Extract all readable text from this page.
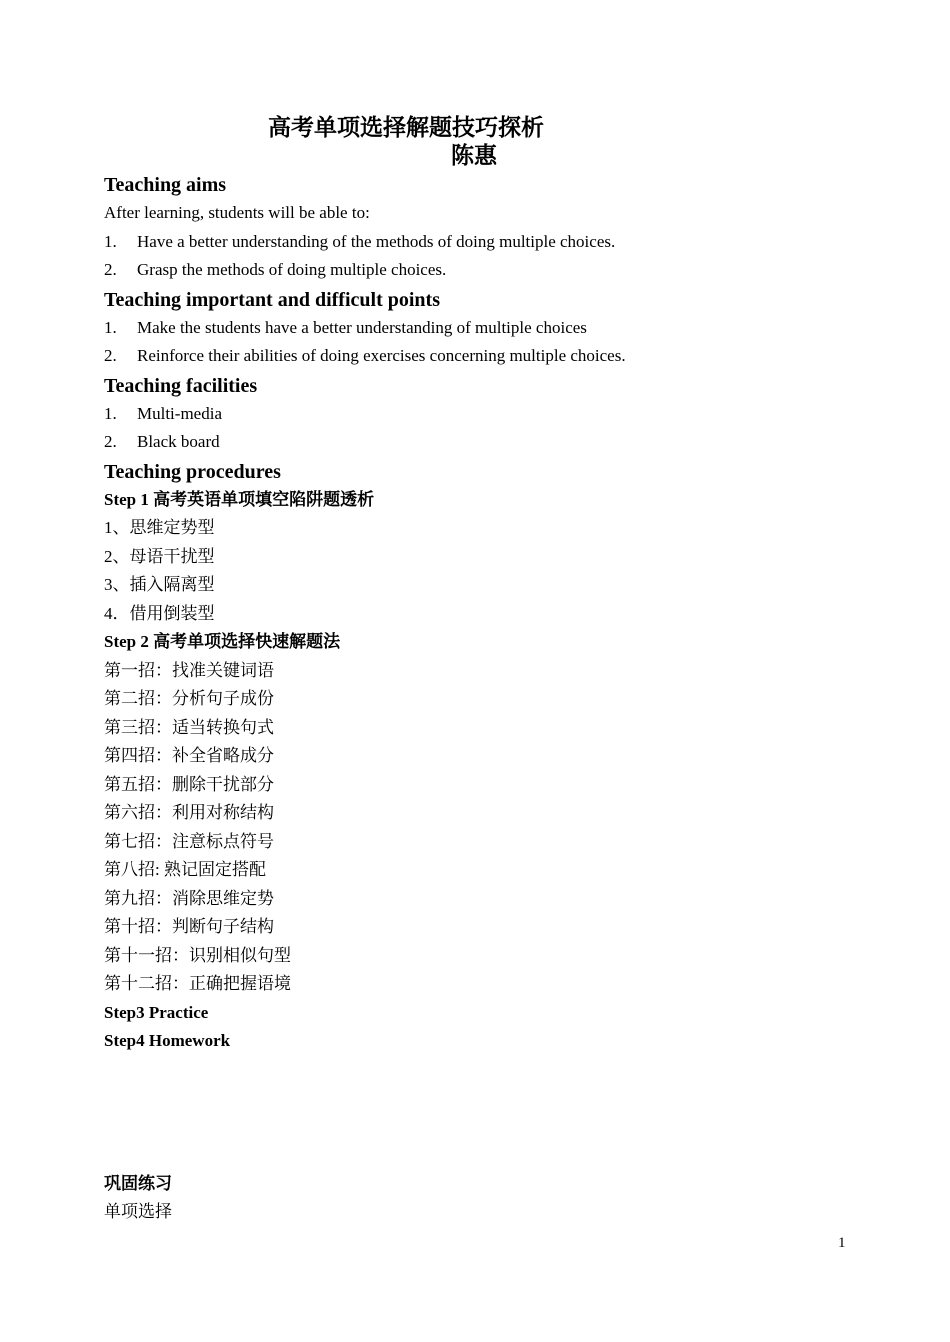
高考单项选择解题技巧探析

陈惠

Teaching aims

After learning, students will be able to:

1.	Have a better understanding of the methods of doing multiple choices.

2.	Grasp the methods of doing multiple choices.

Teaching important and difficult points

1.	Make the students have a better understanding of multiple choices

2.	Reinforce their abilities of doing exercises concerning multiple choices.

Teaching facilities

1.	Multi-media

2.	Black board

Teaching procedures

Step 1 高考英语单项填空陷阱题透析

1、思维定势型

2、母语干扰型

3、插入隔离型

4．借用倒装型

Step 2 高考单项选择快速解题法

第一招：找准关键词语

第二招：分析句子成份

第三招：适当转换句式

第四招：补全省略成分

第五招：删除干扰部分

第六招：利用对称结构

第七招：注意标点符号

第八招: 熟记固定搭配

第九招：消除思维定势

第十招：判断句子结构

第十一招：识别相似句型

第十二招：正确把握语境

Step3 Practice

Step4 Homework

巩固练习

单项选择

1
